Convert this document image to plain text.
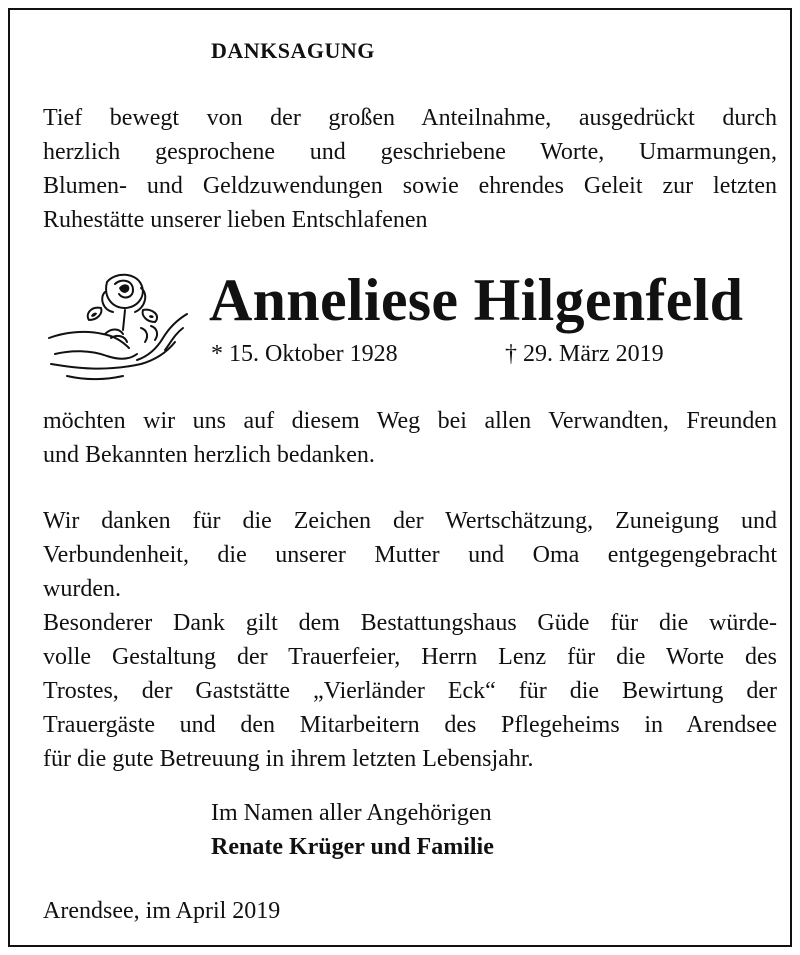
DANKSAGUNG
Tief bewegt von der großen Anteilnahme, ausgedrückt durch
herzlich gesprochene und geschriebene Worte, Umarmungen,
Blumen- und Geldzuwendungen sowie ehrendes Geleit zur letzten
Ruhestätte unserer lieben Entschlafenen
Anneliese Hilgenfeld
* 15. Oktober 1928	† 29. März 2019
möchten wir uns auf diesem Weg bei allen Verwandten, Freunden
und Bekannten herzlich bedanken.
Wir danken für die Zeichen der Wertschätzung, Zuneigung und
Verbundenheit, die unserer Mutter und Oma entgegengebracht
wurden.
Besonderer Dank gilt dem Bestattungshaus Güde für die würde-
volle Gestaltung der Trauerfeier, Herrn Lenz für die Worte des
Trostes, der Gaststätte „Vierländer Eck“ für die Bewirtung der
Trauergäste und den Mitarbeitern des Pflegeheims in Arendsee
für die gute Betreuung in ihrem letzten Lebensjahr.
Im Namen aller Angehörigen
Renate Krüger und Familie
Arendsee, im April 2019
